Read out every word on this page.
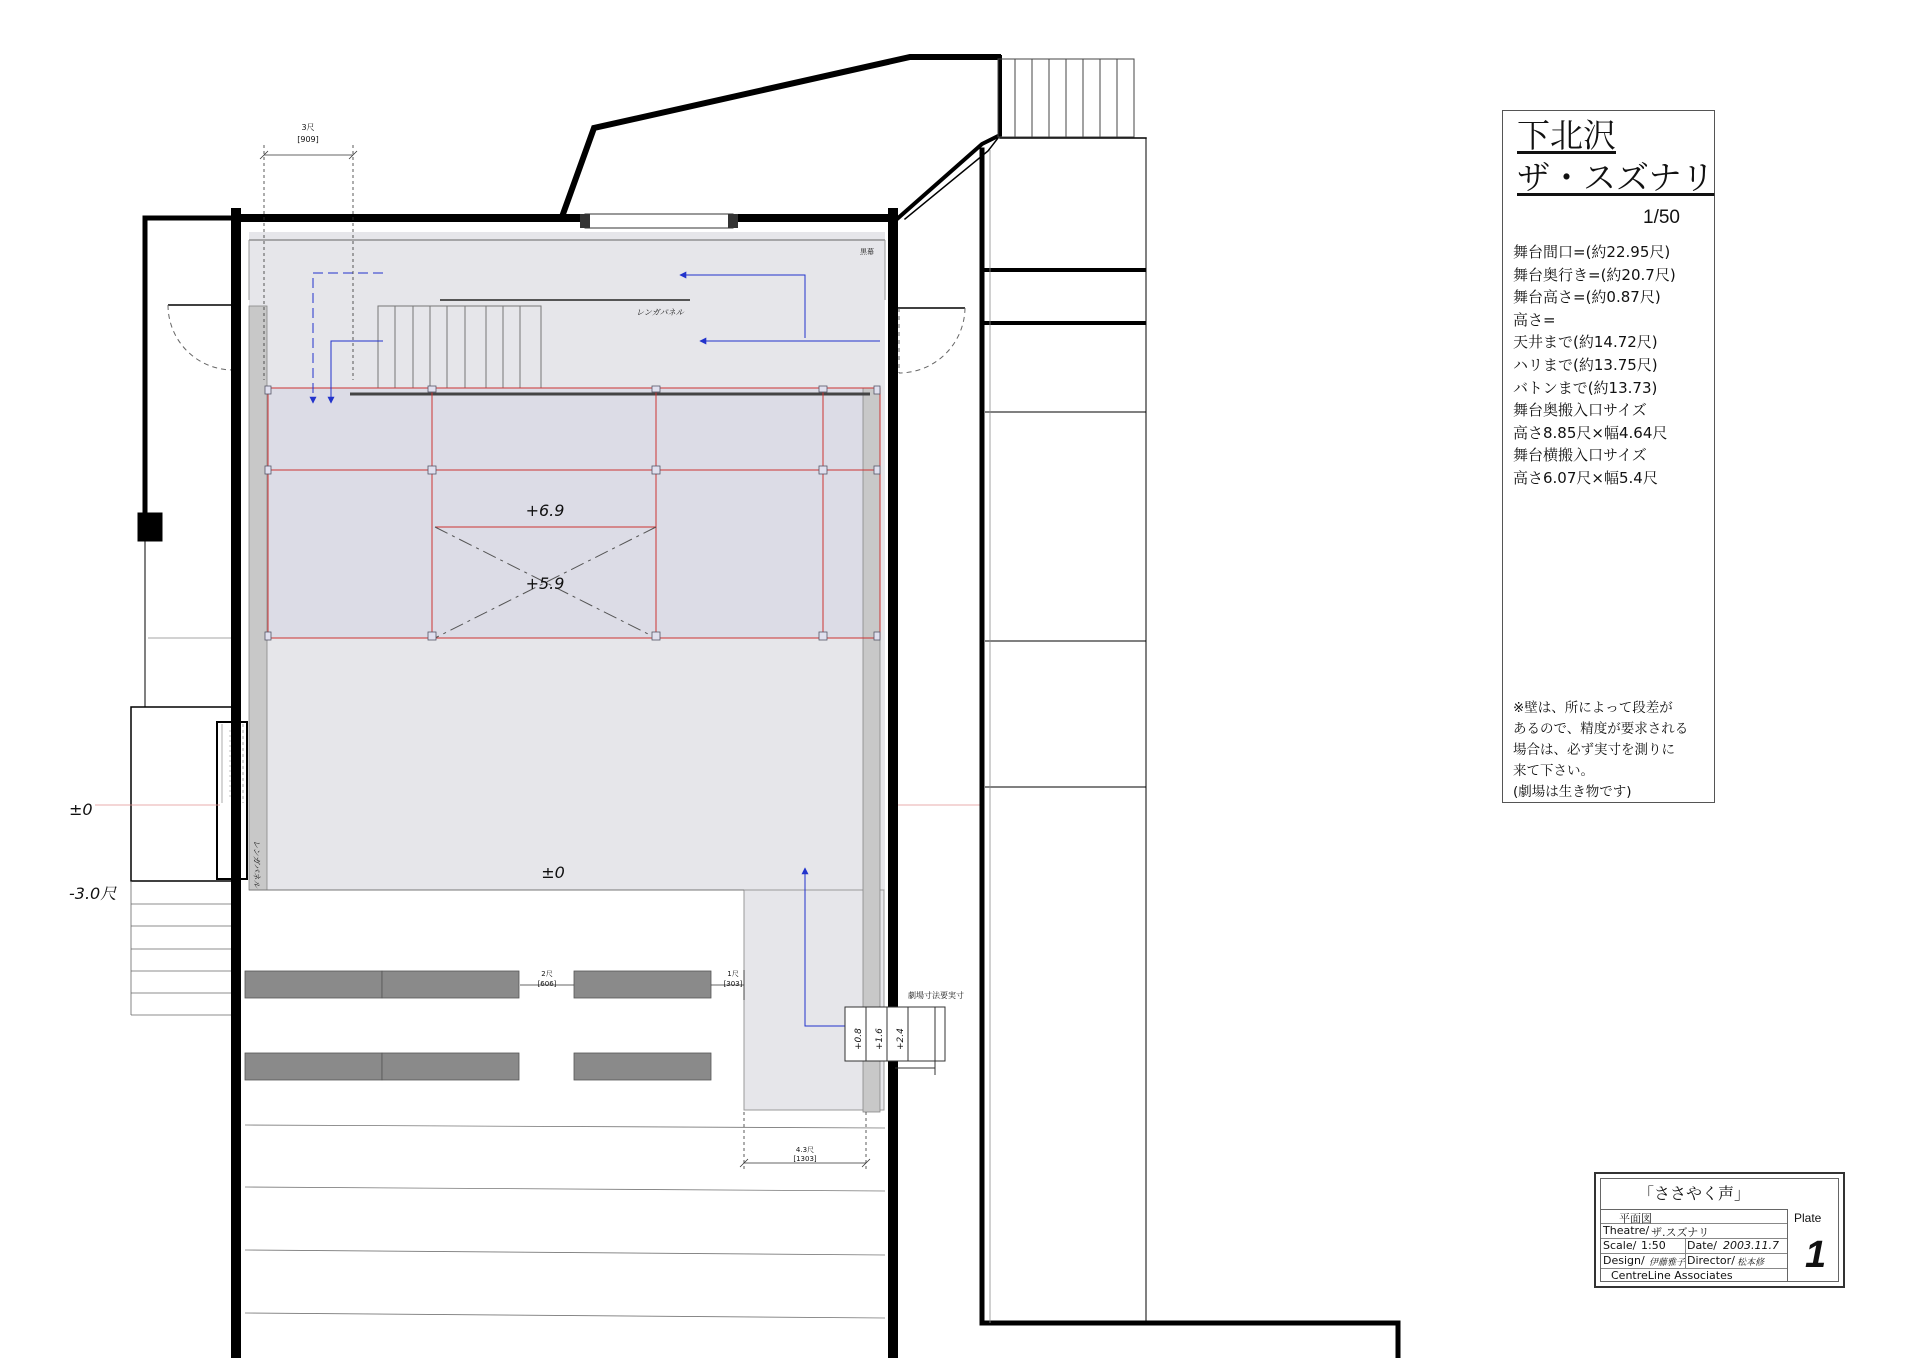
3尺
[909]
黒幕
レンガパネル
レンガパネル
+6.9
+5.9
±0
±0
-3.0尺
2尺
[606]
1尺
[303]
4.3尺
[1303]
劇場寸法要実寸
+0.8 +1.6 +2.4
下北沢
ザ・スズナリ
1/50
舞台間口=(約22.95尺)
舞台奥行き=(約20.7尺)
舞台高さ=(約0.87尺)
高さ=
天井まで(約14.72尺)
ハリまで(約13.75尺)
バトンまで(約13.73)
舞台奥搬入口サイズ
高さ8.85尺×幅4.64尺
舞台横搬入口サイズ
高さ6.07尺×幅5.4尺
※壁は、所によって段差が
あるので、精度が要求される
場合は、必ず実寸を測りに
来て下さい。
(劇場は生き物です)
「ささやく声」
平面図
Theatre/ ザ.スズナリ
Scale/ 1:50 Date/ 2003.11.7
Design/ 伊藤雅子 Director/ 松本修
CentreLine Associates
Plate
1
